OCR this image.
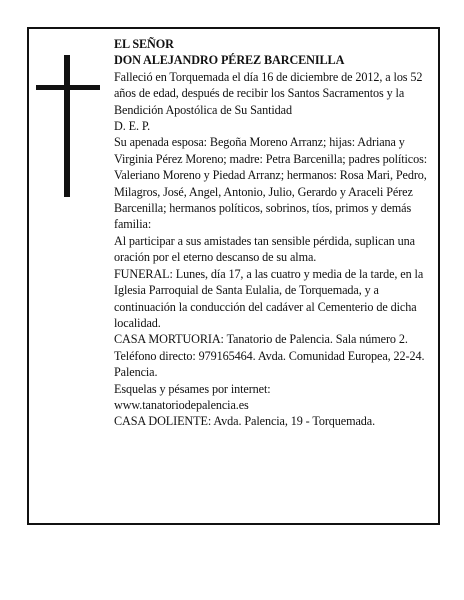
EL SEÑOR

DON ALEJANDRO PÉREZ BARCENILLA

Falleció en Torquemada el día 16 de diciembre de 2012, a los 52 años de edad, después de recibir los Santos Sacramentos y la Bendición Apostólica de Su Santidad

D. E. P.

Su apenada esposa: Begoña Moreno Arranz; hijas: Adriana y Virginia Pérez Moreno; madre: Petra Barcenilla; padres políticos: Valeriano Moreno y Piedad Arranz; hermanos: Rosa Mari, Pedro, Milagros, José, Angel, Antonio, Julio, Gerardo y Araceli Pérez Barcenilla; hermanos políticos, sobrinos, tíos, primos y demás familia:

Al participar a sus amistades tan sensible pérdida, suplican una oración por el eterno descanso de su alma.

FUNERAL: Lunes, día 17, a las cuatro y media de la tarde, en la Iglesia Parroquial de Santa Eulalia, de Torquemada, y a continuación la conducción del cadáver al Cementerio de dicha localidad.

CASA MORTUORIA: Tanatorio de Palencia. Sala número 2. Teléfono directo: 979165464. Avda. Comunidad Europea, 22-24. Palencia.

Esquelas y pésames por internet:

www.tanatoriodepalencia.es

CASA DOLIENTE: Avda. Palencia, 19 - Torquemada.
